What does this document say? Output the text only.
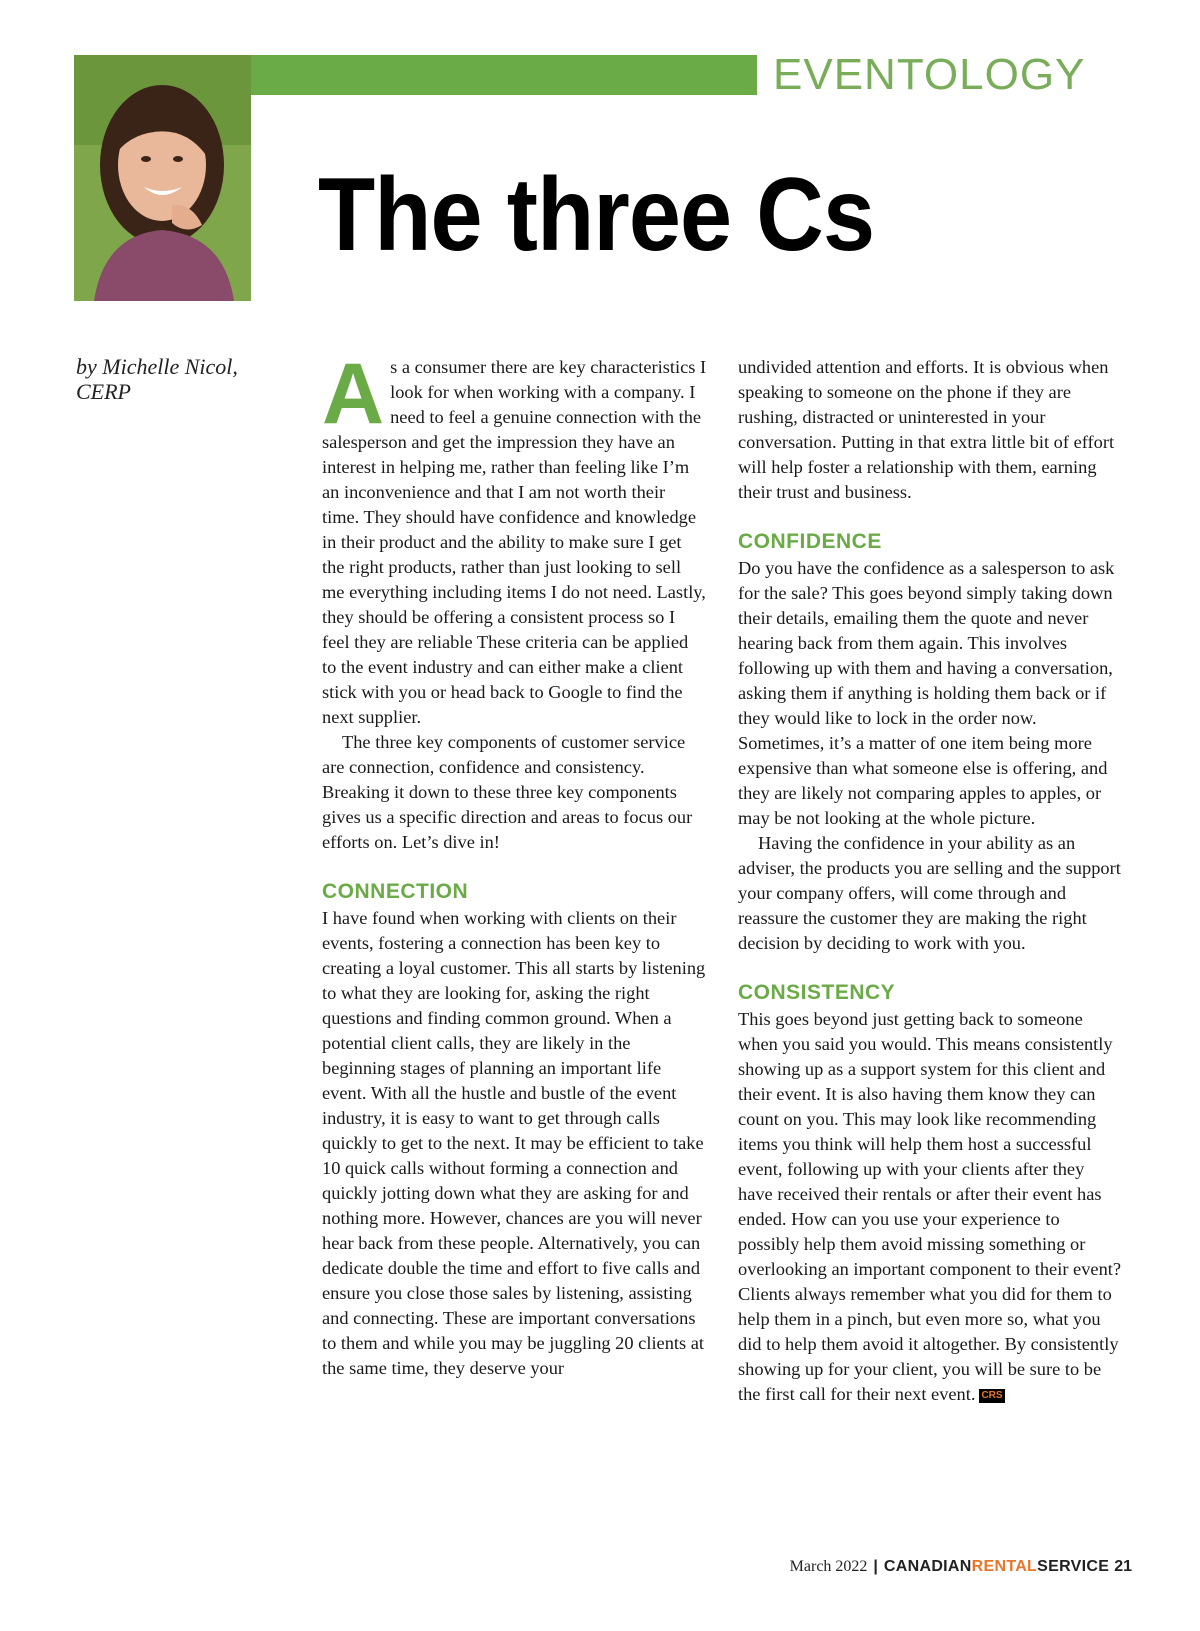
EVENTOLOGY
The three Cs
by Michelle Nicol,
CERP	As a consumer there are key characteristics I look for when working with a company. I need to feel a genuine connection with the salesperson and get the impression they have an interest in helping me, rather than feeling like I’m an inconvenience and that I am not worth their time. They should have confidence and knowledge in their product and the ability to make sure I get the right products, rather than just looking to sell me everything including items I do not need. Lastly, they should be offering a consistent process so I feel they are reliable These criteria can be applied to the event industry and can either make a client stick with you or head back to Google to find the next supplier.

The three key components of customer service are connection, confidence and consistency. Breaking it down to these three key components gives us a specific direction and areas to focus our efforts on. Let’s dive in!

CONNECTION

I have found when working with clients on their events, fostering a connection has been key to creating a loyal customer. This all starts by listening to what they are looking for, asking the right questions and finding common ground. When a potential client calls, they are likely in the beginning stages of planning an important life event. With all the hustle and bustle of the event industry, it is easy to want to get through calls quickly to get to the next. It may be efficient to take 10 quick calls without forming a connection and quickly jotting down what they are asking for and nothing more. However, chances are you will never hear back from these people. Alternatively, you can dedicate double the time and effort to five calls and ensure you close those sales by listening, assisting and connecting. These are important conversations to them and while you may be juggling 20 clients at the same time, they deserve your

undivided attention and efforts. It is obvious when speaking to someone on the phone if they are rushing, distracted or uninterested in your conversation. Putting in that extra little bit of effort will help foster a relationship with them, earning their trust and business.

CONFIDENCE

Do you have the confidence as a salesperson to ask for the sale? This goes beyond simply taking down their details, emailing them the quote and never hearing back from them again. This involves following up with them and having a conversation, asking them if anything is holding them back or if they would like to lock in the order now. Sometimes, it’s a matter of one item being more expensive than what someone else is offering, and they are likely not comparing apples to apples, or may be not looking at the whole picture.

Having the confidence in your ability as an adviser, the products you are selling and the support your company offers, will come through and reassure the customer they are making the right decision by deciding to work with you.

CONSISTENCY

This goes beyond just getting back to someone when you said you would. This means consistently showing up as a support system for this client and their event. It is also having them know they can count on you. This may look like recommending items you think will help them host a successful event, following up with your clients after they have received their rentals or after their event has ended. How can you use your experience to possibly help them avoid missing something or overlooking an important component to their event? Clients always remember what you did for them to help them in a pinch, but even more so, what you did to help them avoid it altogether. By consistently showing up for your client, you will be sure to be the first call for their next event. CRS

March 2022 | CANADIANRENTALSERVICE 21
